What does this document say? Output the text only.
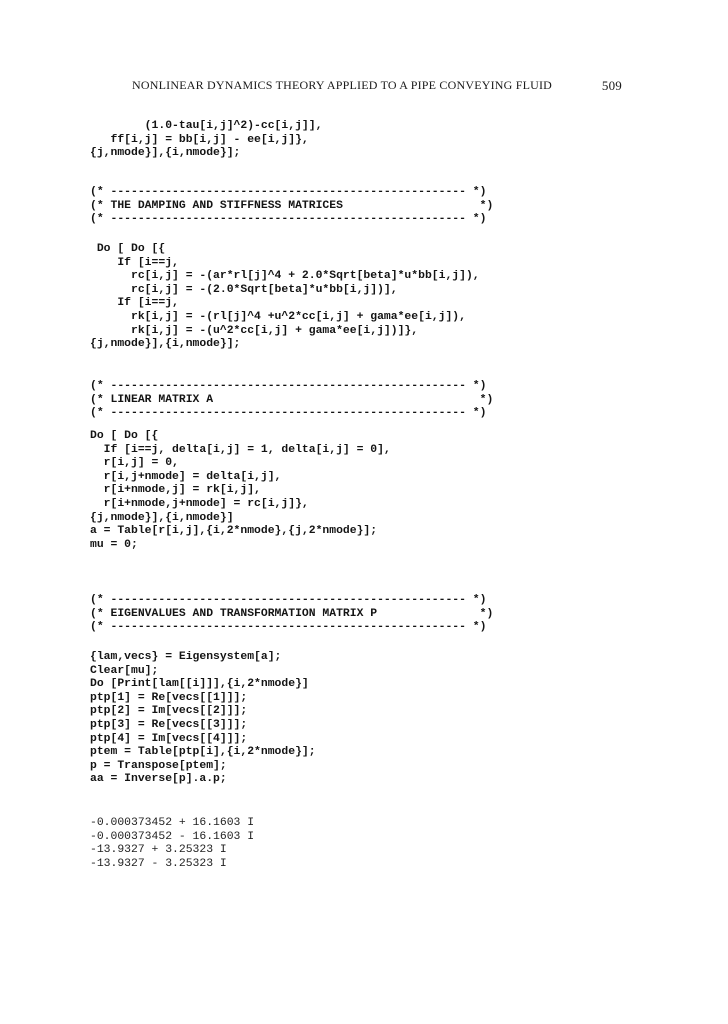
NONLINEAR DYNAMICS THEORY APPLIED TO A PIPE CONVEYING FLUID	509
(1.0-tau[i,j]^2)-cc[i,j]],
ff[i,j] = bb[i,j] - ee[i,j]},
{j,nmode}],{i,nmode}];
(* ---------------------------------------------------- *)
(* THE DAMPING AND STIFFNESS MATRICES                    *)
(* ---------------------------------------------------- *)
Do [ Do [{
If [i==j,
rc[i,j] = -(ar*rl[j]^4 + 2.0*Sqrt[beta]*u*bb[i,j]),
rc[i,j] = -(2.0*Sqrt[beta]*u*bb[i,j])],
If [i==j,
rk[i,j] = -(rl[j]^4 +u^2*cc[i,j] + gama*ee[i,j]),
rk[i,j] = -(u^2*cc[i,j] + gama*ee[i,j])]},
{j,nmode}],{i,nmode}];
(* ---------------------------------------------------- *)
(* LINEAR MATRIX A                                       *)
(* ---------------------------------------------------- *)
Do [ Do [{
If [i==j, delta[i,j] = 1, delta[i,j] = 0],
r[i,j] = 0,
r[i,j+nmode] = delta[i,j],
r[i+nmode,j] = rk[i,j],
r[i+nmode,j+nmode] = rc[i,j]},
{j,nmode}],{i,nmode}]
a = Table[r[i,j],{i,2*nmode},{j,2*nmode}];
mu = 0;
(* ---------------------------------------------------- *)
(* EIGENVALUES AND TRANSFORMATION MATRIX P               *)
(* ---------------------------------------------------- *)
{lam,vecs} = Eigensystem[a];
Clear[mu];
Do [Print[lam[[i]]],{i,2*nmode}]
ptp[1] = Re[vecs[[1]]];
ptp[2] = Im[vecs[[2]]];
ptp[3] = Re[vecs[[3]]];
ptp[4] = Im[vecs[[4]]];
ptem = Table[ptp[i],{i,2*nmode}];
p = Transpose[ptem];
aa = Inverse[p].a.p;
-0.000373452 + 16.1603 I
-0.000373452 - 16.1603 I
-13.9327 + 3.25323 I
-13.9327 - 3.25323 I
